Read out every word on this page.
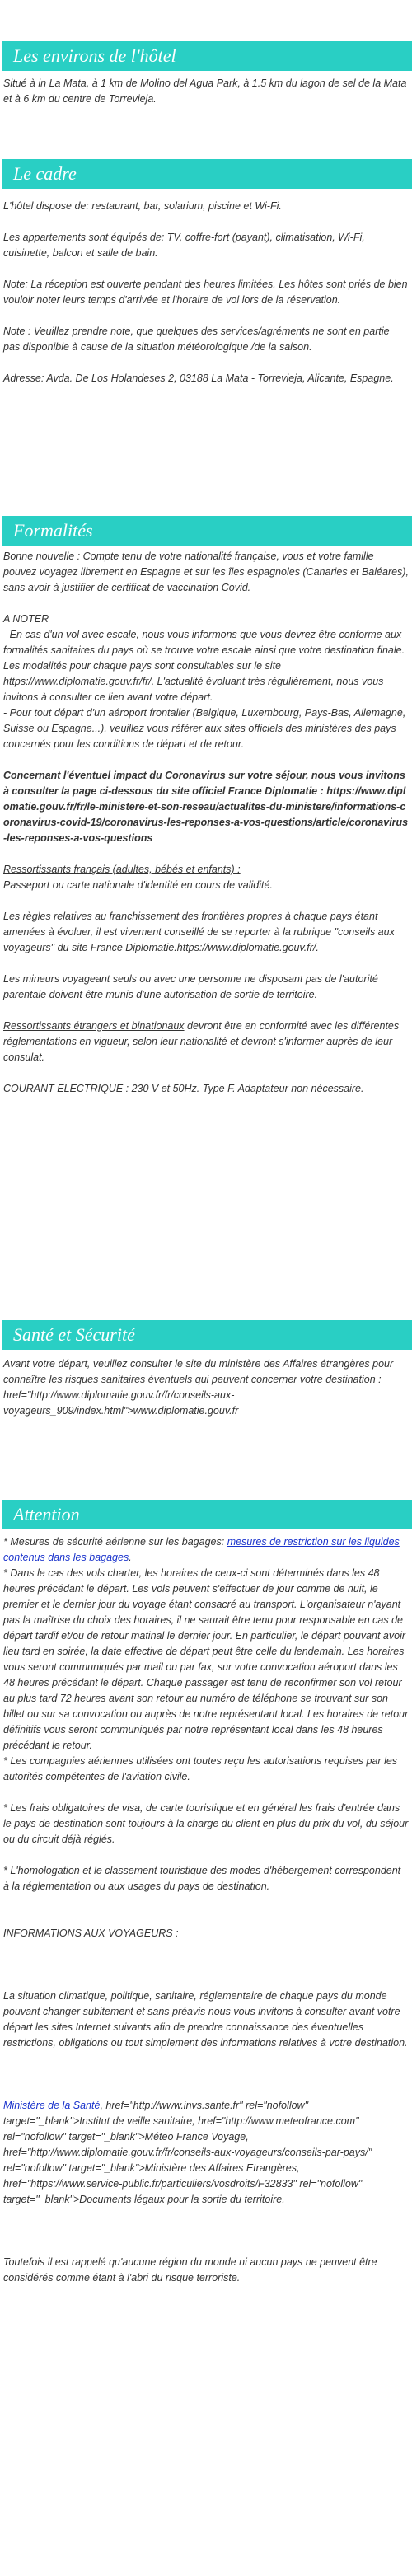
Les environs de l'hôtel

Situé à in La Mata, à 1 km de Molino del Agua Park, à 1.5 km du lagon de sel de la Mata et à 6 km du centre de Torrevieja.

Le cadre

L'hôtel dispose de: restaurant, bar, solarium, piscine et Wi-Fi.

Les appartements sont équipés de: TV, coffre-fort (payant), climatisation, Wi-Fi, cuisinette, balcon et salle de bain.

Note: La réception est ouverte pendant des heures limitées. Les hôtes sont priés de bien vouloir noter leurs temps d'arrivée et l'horaire de vol lors de la réservation.

Note : Veuillez prendre note, que quelques des services/agréments ne sont en partie pas disponible à cause de la situation météorologique /de la saison.

Adresse: Avda. De Los Holandeses 2, 03188 La Mata - Torrevieja, Alicante, Espagne.

Formalités

Bonne nouvelle : Compte tenu de votre nationalité française, vous et votre famille pouvez voyagez librement en Espagne et sur les îles espagnoles (Canaries et Baléares), sans avoir à justifier de certificat de vaccination Covid.

A NOTER

- En cas d'un vol avec escale, nous vous informons que vous devrez être conforme aux formalités sanitaires du pays où se trouve votre escale ainsi que votre destination finale.

Les modalités pour chaque pays sont consultables sur le site https://www.diplomatie.gouv.fr/fr/. L'actualité évoluant très régulièrement, nous vous invitons à consulter ce lien avant votre départ.

- Pour tout départ d'un aéroport frontalier (Belgique, Luxembourg, Pays-Bas, Allemagne, Suisse ou Espagne...), veuillez vous référer aux sites officiels des ministères des pays concernés pour les conditions de départ et de retour.

Concernant l'éventuel impact du Coronavirus sur votre séjour, nous vous invitons à consulter la page ci-dessous du site officiel France Diplomatie : https://www.diplomatie.gouv.fr/fr/le-ministere-et-son-reseau/actualites-du-ministere/informations-coronavirus-covid-19/coronavirus-les-reponses-a-vos-questions/article/coronavirus-les-reponses-a-vos-questions

Ressortissants français (adultes, bébés et enfants) :

Passeport ou carte nationale d'identité en cours de validité.

Les règles relatives au franchissement des frontières propres à chaque pays étant amenées à évoluer, il est vivement conseillé de se reporter à la rubrique "conseils aux voyageurs" du site France Diplomatie.https://www.diplomatie.gouv.fr/.

Les mineurs voyageant seuls ou avec une personne ne disposant pas de l'autorité parentale doivent être munis d'une autorisation de sortie de territoire.

Ressortissants étrangers et binationaux devront être en conformité avec les différentes réglementations en vigueur, selon leur nationalité et devront s'informer auprès de leur consulat.

COURANT ELECTRIQUE : 230 V et 50Hz. Type F. Adaptateur non nécessaire.

Santé et Sécurité

Avant votre départ, veuillez consulter le site du ministère des Affaires étrangères pour connaître les risques sanitaires éventuels qui peuvent concerner votre destination : href="http://www.diplomatie.gouv.fr/fr/conseils-aux-voyageurs_909/index.html">www.diplomatie.gouv.fr

Attention

* Mesures de sécurité aérienne sur les bagages: mesures de restriction sur les liquides contenus dans les bagages.

* Dans le cas des vols charter, les horaires de ceux-ci sont déterminés dans les 48 heures précédant le départ. Les vols peuvent s'effectuer de jour comme de nuit, le premier et le dernier jour du voyage étant consacré au transport. L'organisateur n'ayant pas la maîtrise du choix des horaires, il ne saurait être tenu pour responsable en cas de départ tardif et/ou de retour matinal le dernier jour. En particulier, le départ pouvant avoir lieu tard en soirée, la date effective de départ peut être celle du lendemain. Les horaires vous seront communiqués par mail ou par fax, sur votre convocation aéroport dans les 48 heures précédant le départ. Chaque passager est tenu de reconfirmer son vol retour au plus tard 72 heures avant son retour au numéro de téléphone se trouvant sur son billet ou sur sa convocation ou auprès de notre représentant local. Les horaires de retour définitifs vous seront communiqués par notre représentant local dans les 48 heures précédant le retour.

* Les compagnies aériennes utilisées ont toutes reçu les autorisations requises par les autorités compétentes de l'aviation civile.

* Les frais obligatoires de visa, de carte touristique et en général les frais d'entrée dans le pays de destination sont toujours à la charge du client en plus du prix du vol, du séjour ou du circuit déjà réglés.

* L'homologation et le classement touristique des modes d'hébergement correspondent à la réglementation ou aux usages du pays de destination.

INFORMATIONS AUX VOYAGEURS :

La situation climatique, politique, sanitaire, réglementaire de chaque pays du monde pouvant changer subitement et sans préavis nous vous invitons à consulter avant votre départ les sites Internet suivants afin de prendre connaissance des éventuelles restrictions, obligations ou tout simplement des informations relatives à votre destination.

Ministère de la Santé, href="http://www.invs.sante.fr" rel="nofollow" target="_blank">Institut de veille sanitaire, href="http://www.meteofrance.com" rel="nofollow" target="_blank">Méteo France Voyage, href="http://www.diplomatie.gouv.fr/fr/conseils-aux-voyageurs/conseils-par-pays/" rel="nofollow" target="_blank">Ministère des Affaires Etrangères, href="https://www.service-public.fr/particuliers/vosdroits/F32833" rel="nofollow" target="_blank">Documents légaux pour la sortie du territoire.

Toutefois il est rappelé qu'aucune région du monde ni aucun pays ne peuvent être considérés comme étant à l'abri du risque terroriste.
